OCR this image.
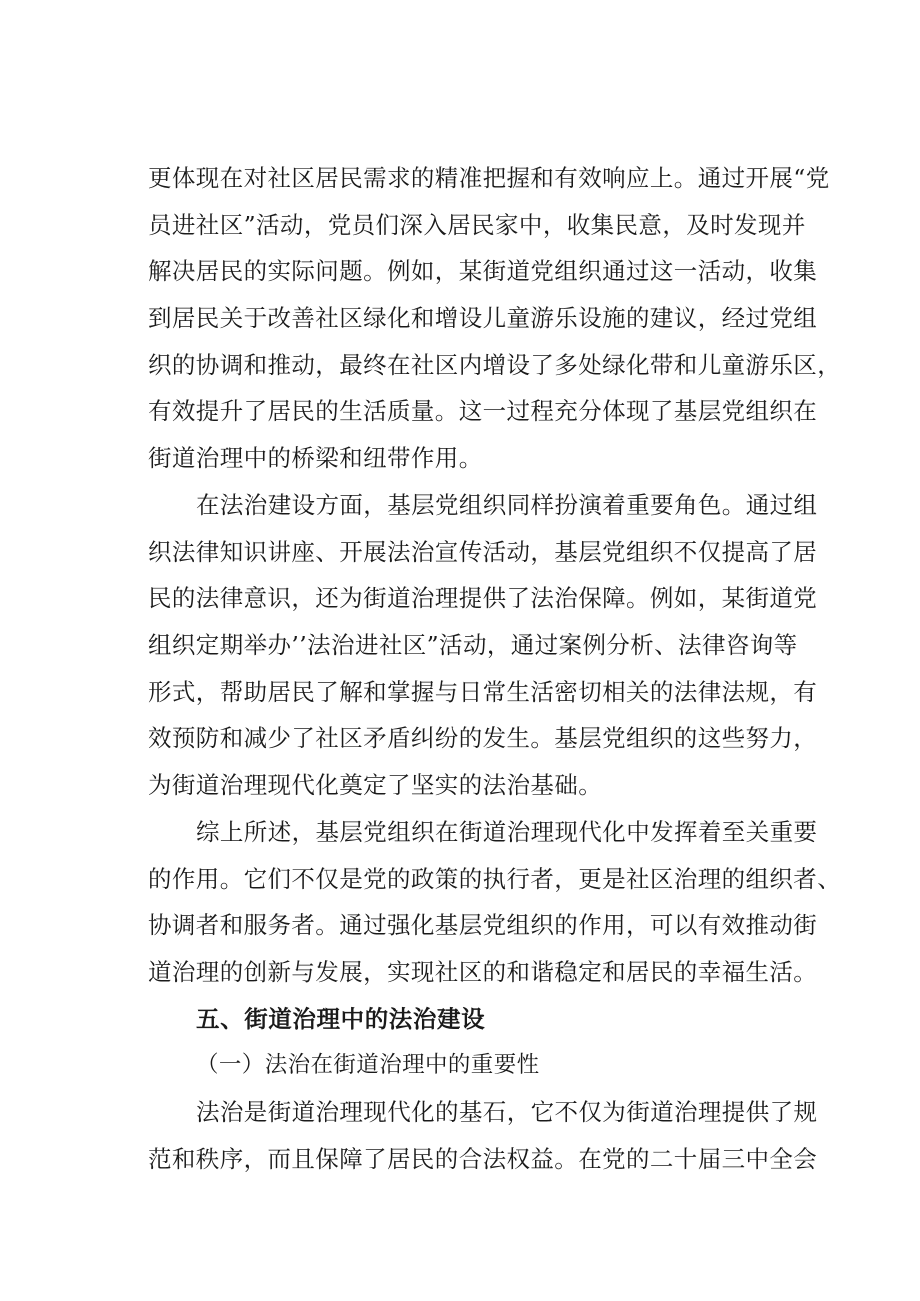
更体现在对社区居民需求的精准把握和有效响应上。通过开展“党
员进社区”活动，党员们深入居民家中，收集民意，及时发现并
解决居民的实际问题。例如，某街道党组织通过这一活动，收集
到居民关于改善社区绿化和增设儿童游乐设施的建议，经过党组
织的协调和推动，最终在社区内增设了多处绿化带和儿童游乐区，
有效提升了居民的生活质量。这一过程充分体现了基层党组织在
街道治理中的桥梁和纽带作用。
在法治建设方面，基层党组织同样扮演着重要角色。通过组
织法律知识讲座、开展法治宣传活动，基层党组织不仅提高了居
民的法律意识，还为街道治理提供了法治保障。例如，某街道党
组织定期举办’’法治进社区”活动，通过案例分析、法律咨询等
形式，帮助居民了解和掌握与日常生活密切相关的法律法规，有
效预防和减少了社区矛盾纠纷的发生。基层党组织的这些努力，
为街道治理现代化奠定了坚实的法治基础。
综上所述，基层党组织在街道治理现代化中发挥着至关重要
的作用。它们不仅是党的政策的执行者，更是社区治理的组织者、
协调者和服务者。通过强化基层党组织的作用，可以有效推动街
道治理的创新与发展，实现社区的和谐稳定和居民的幸福生活。
五、街道治理中的法治建设
（一）法治在街道治理中的重要性
法治是街道治理现代化的基石，它不仅为街道治理提供了规
范和秩序，而且保障了居民的合法权益。在党的二十届三中全会
